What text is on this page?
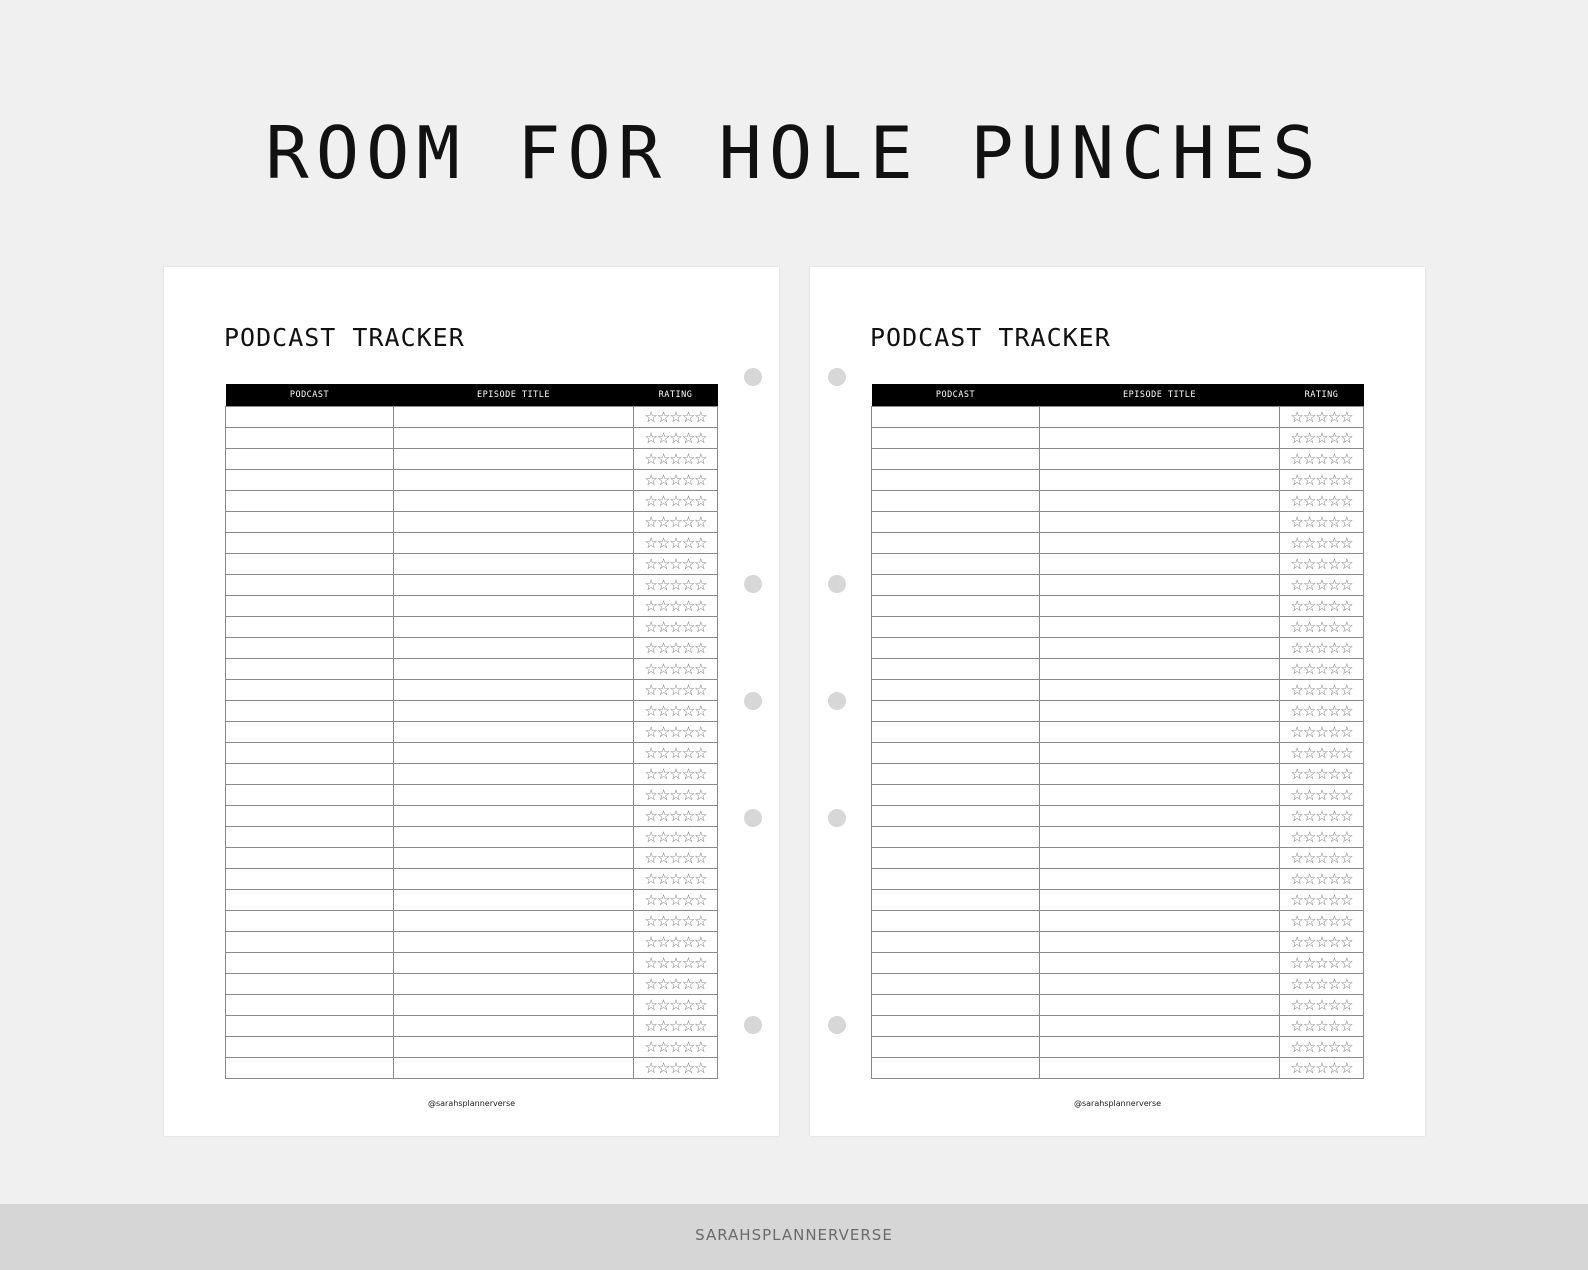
ROOM FOR HOLE PUNCHES
PODCAST TRACKER
PODCAST	EPISODE TITLE	RATING
		☆☆☆☆☆
		☆☆☆☆☆
		☆☆☆☆☆
		☆☆☆☆☆
		☆☆☆☆☆
		☆☆☆☆☆
		☆☆☆☆☆
		☆☆☆☆☆
		☆☆☆☆☆
		☆☆☆☆☆
		☆☆☆☆☆
		☆☆☆☆☆
		☆☆☆☆☆
		☆☆☆☆☆
		☆☆☆☆☆
		☆☆☆☆☆
		☆☆☆☆☆
		☆☆☆☆☆
		☆☆☆☆☆
		☆☆☆☆☆
		☆☆☆☆☆
		☆☆☆☆☆
		☆☆☆☆☆
		☆☆☆☆☆
		☆☆☆☆☆
		☆☆☆☆☆
		☆☆☆☆☆
		☆☆☆☆☆
		☆☆☆☆☆
		☆☆☆☆☆
		☆☆☆☆☆
		☆☆☆☆☆
@sarahsplannerverse
PODCAST TRACKER
PODCAST	EPISODE TITLE	RATING
		☆☆☆☆☆
		☆☆☆☆☆
		☆☆☆☆☆
		☆☆☆☆☆
		☆☆☆☆☆
		☆☆☆☆☆
		☆☆☆☆☆
		☆☆☆☆☆
		☆☆☆☆☆
		☆☆☆☆☆
		☆☆☆☆☆
		☆☆☆☆☆
		☆☆☆☆☆
		☆☆☆☆☆
		☆☆☆☆☆
		☆☆☆☆☆
		☆☆☆☆☆
		☆☆☆☆☆
		☆☆☆☆☆
		☆☆☆☆☆
		☆☆☆☆☆
		☆☆☆☆☆
		☆☆☆☆☆
		☆☆☆☆☆
		☆☆☆☆☆
		☆☆☆☆☆
		☆☆☆☆☆
		☆☆☆☆☆
		☆☆☆☆☆
		☆☆☆☆☆
		☆☆☆☆☆
		☆☆☆☆☆
@sarahsplannerverse
SARAHSPLANNERVERSE
